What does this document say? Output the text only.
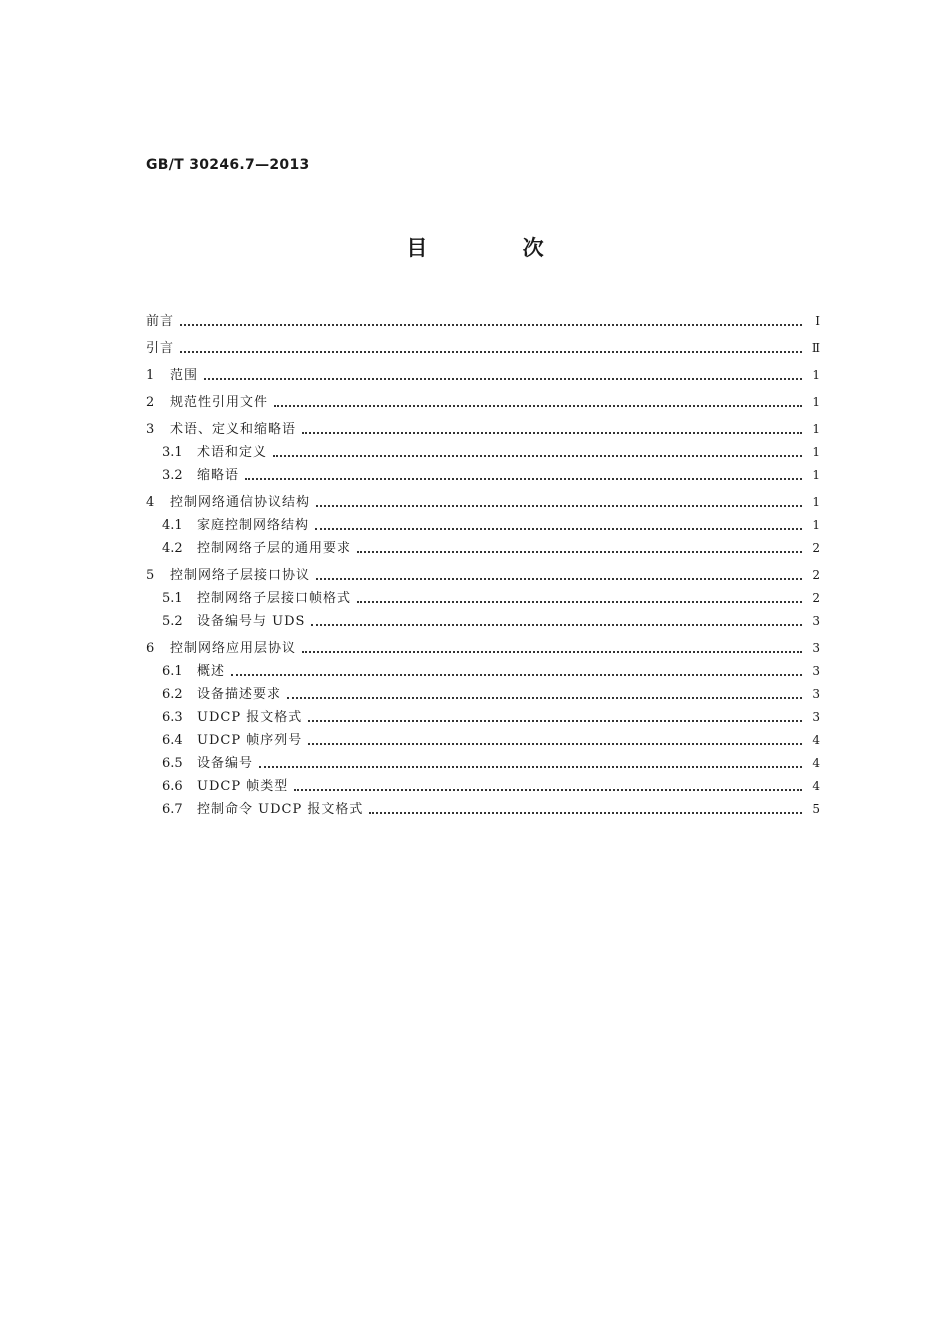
GB/T 30246.7—2013
目 次
前言	Ⅰ
引言	Ⅱ
1	范围	1
2	规范性引用文件	1
3	术语、定义和缩略语	1
3.1	术语和定义	1
3.2	缩略语	1
4	控制网络通信协议结构	1
4.1	家庭控制网络结构	1
4.2	控制网络子层的通用要求	2
5	控制网络子层接口协议	2
5.1	控制网络子层接口帧格式	2
5.2	设备编号与 UDS	3
6	控制网络应用层协议	3
6.1	概述	3
6.2	设备描述要求	3
6.3	UDCP 报文格式	3
6.4	UDCP 帧序列号	4
6.5	设备编号	4
6.6	UDCP 帧类型	4
6.7	控制命令 UDCP 报文格式	5
